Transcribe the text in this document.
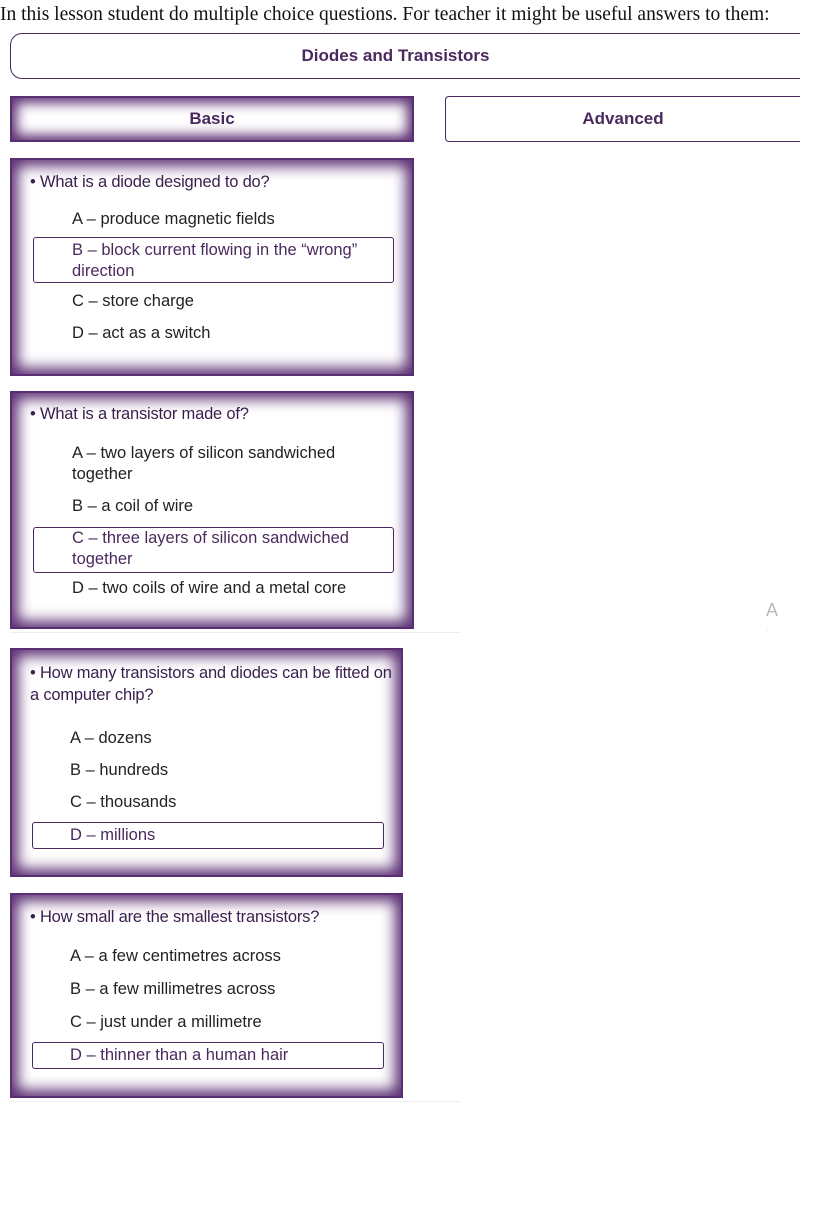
In this lesson student do multiple choice questions. For teacher it might be useful answers to them:
Diodes and Transistors
Basic	Advanced
• What is a diode designed to do?
A – produce magnetic fields
B – block current flowing in the “wrong” direction
C – store charge
D – act as a switch
• What is a transistor made of?
A – two layers of silicon sandwiched together
B – a coil of wire
C – three layers of silicon sandwiched together
D – two coils of wire and a metal core
• How many transistors and diodes can be fitted on a computer chip?
A – dozens
B – hundreds
C – thousands
D – millions
• How small are the smallest transistors?
A – a few centimetres across
B – a few millimetres across
C – just under a millimetre
D – thinner than a human hair
A
· ·
